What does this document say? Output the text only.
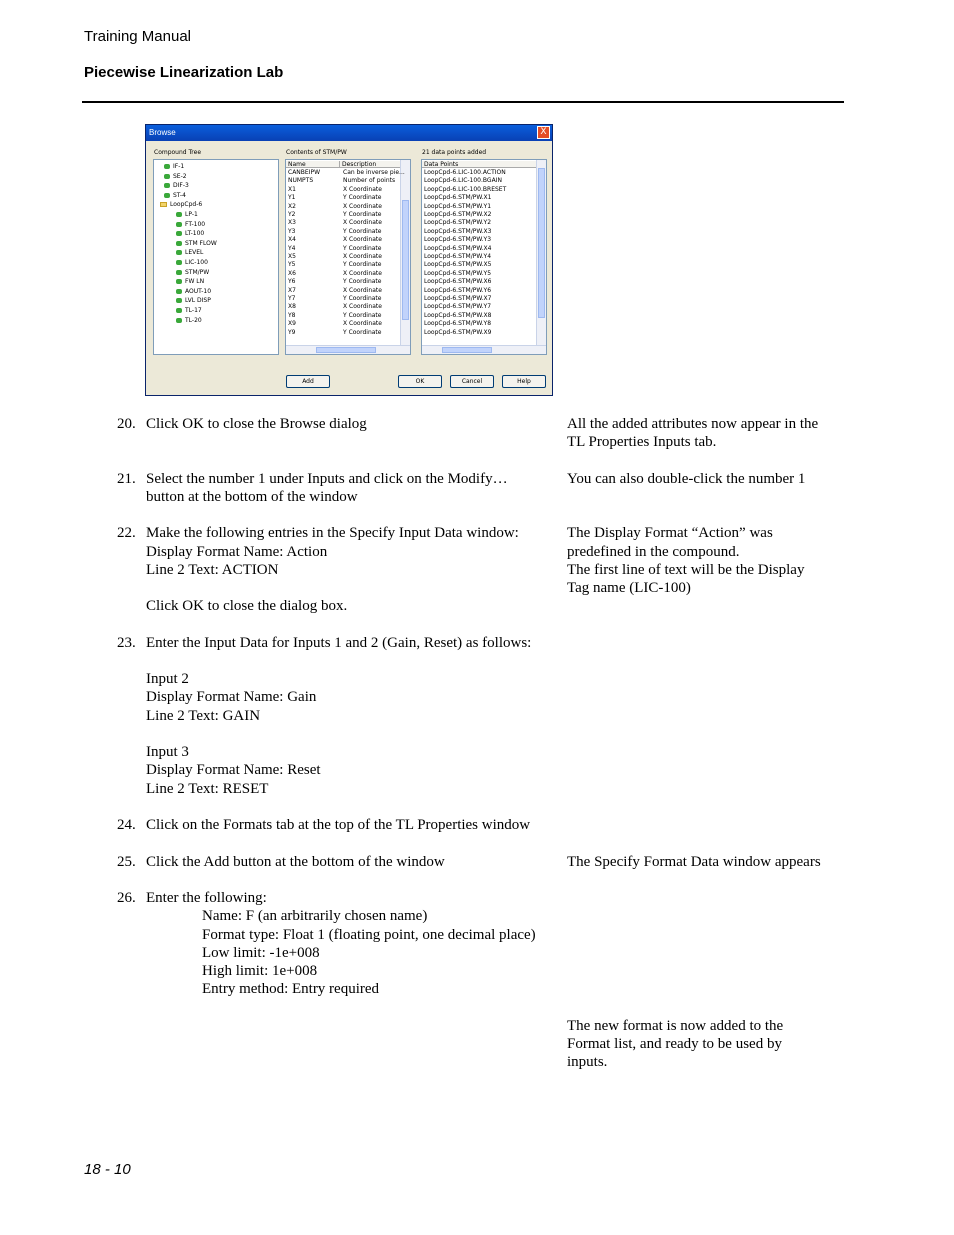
Training Manual
Piecewise Linearization Lab
Browse	X
Compound Tree	Contents of STM/PW	21 data points added
IF-1
SE-2
DIF-3
ST-4
LoopCpd-6
LP-1
FT-100
LT-100
STM FLOW
LEVEL
LIC-100
STM/PW
FW LN
AOUT-10
LVL DISP
TL-17
TL-20
Name	Description
CANBEIPW	Can be inverse pie...
NUMPTS	Number of points
X1	X Coordinate
Y1	Y Coordinate
X2	X Coordinate
Y2	Y Coordinate
X3	X Coordinate
Y3	Y Coordinate
X4	X Coordinate
Y4	Y Coordinate
X5	X Coordinate
Y5	Y Coordinate
X6	X Coordinate
Y6	Y Coordinate
X7	X Coordinate
Y7	Y Coordinate
X8	X Coordinate
Y8	Y Coordinate
X9	X Coordinate
Y9	Y Coordinate
Data Points
LoopCpd-6.LIC-100.ACTION
LoopCpd-6.LIC-100.BGAIN
LoopCpd-6.LIC-100.BRESET
LoopCpd-6.STM/PW.X1
LoopCpd-6.STM/PW.Y1
LoopCpd-6.STM/PW.X2
LoopCpd-6.STM/PW.Y2
LoopCpd-6.STM/PW.X3
LoopCpd-6.STM/PW.Y3
LoopCpd-6.STM/PW.X4
LoopCpd-6.STM/PW.Y4
LoopCpd-6.STM/PW.X5
LoopCpd-6.STM/PW.Y5
LoopCpd-6.STM/PW.X6
LoopCpd-6.STM/PW.Y6
LoopCpd-6.STM/PW.X7
LoopCpd-6.STM/PW.Y7
LoopCpd-6.STM/PW.X8
LoopCpd-6.STM/PW.Y8
LoopCpd-6.STM/PW.X9
Add	OK	Cancel	Help
20. Click OK to close the Browse dialog	All the added attributes now appear in the
TL Properties Inputs tab.
21. Select the number 1 under Inputs and click on the Modify…
button at the bottom of the window
You can also double-click the number 1
22. Make the following entries in the Specify Input Data window:
Display Format Name: Action
Line 2 Text: ACTION
Click OK to close the dialog box.
The Display Format “Action” was
predefined in the compound.
The first line of text will be the Display
Tag name (LIC-100)
23. Enter the Input Data for Inputs 1 and 2 (Gain, Reset) as follows:
Input 2
Display Format Name: Gain
Line 2 Text: GAIN
Input 3
Display Format Name: Reset
Line 2 Text: RESET
24. Click on the Formats tab at the top of the TL Properties window
25. Click the Add button at the bottom of the window	The Specify Format Data window appears
26. Enter the following:
Name: F (an arbitrarily chosen name)
Format type: Float 1 (floating point, one decimal place)
Low limit: -1e+008
High limit: 1e+008
Entry method: Entry required
The new format is now added to the
Format list, and ready to be used by
inputs.
18 - 10
